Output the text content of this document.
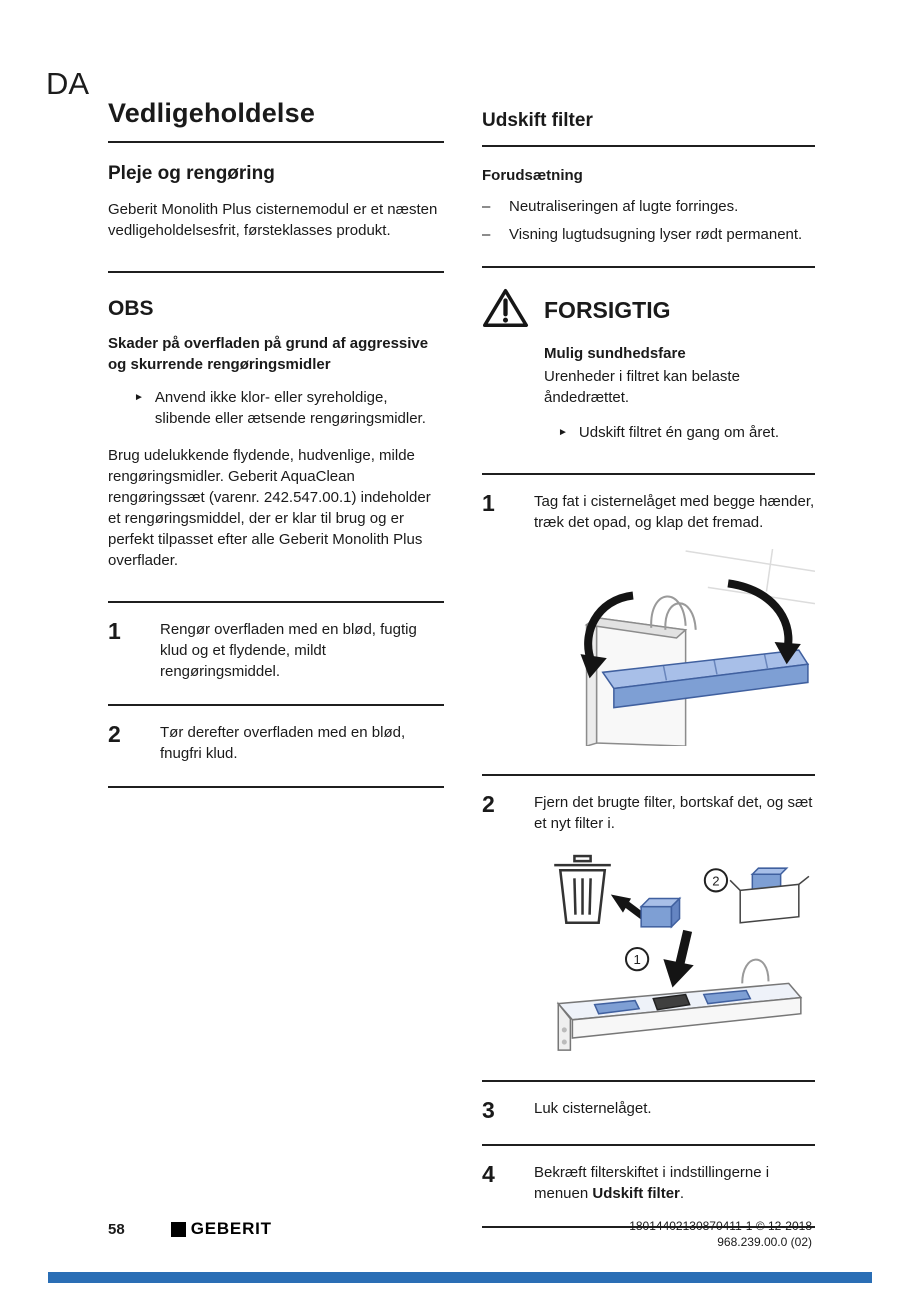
DA
Vedligeholdelse
Pleje og rengøring

Geberit Monolith Plus cisternemodul er et næsten vedligeholdelsesfrit, førsteklasses produkt.

OBS

Skader på overfladen på grund af aggressive og skurrende rengøringsmidler

► Anvend ikke klor- eller syreholdige, slibende eller ætsende rengøringsmidler.

Brug udelukkende flydende, hudvenlige, milde rengøringsmidler. Geberit AquaClean rengøringssæt (varenr. 242.547.00.1) indeholder et rengøringsmiddel, der er klar til brug og er perfekt tilpasset efter alle Geberit Monolith Plus overflader.

1	Rengør overfladen med en blød, fugtig klud og et flydende, mildt rengøringsmiddel.
2	Tør derefter overfladen med en blød, fnugfri klud.
Udskift filter

Forudsætning

– Neutraliseringen af lugte forringes.
– Visning lugtudsugning lyser rødt permanent.
FORSIGTIG

Mulig sundhedsfare

Urenheder i filtret kan belaste åndedrættet.

► Udskift filtret én gang om året.
1	Tag fat i cisternelåget med begge hænder, træk det opad, og klap det fremad.
2	Fjern det brugte filter, bortskaf det, og sæt et nyt filter i.
2
1
3	Luk cisternelåget.
4	Bekræft filterskiftet i indstillingerne i menuen Udskift filter.
58	GEBERIT	18014402130870411-1 © 12-2018
968.239.00.0 (02)
